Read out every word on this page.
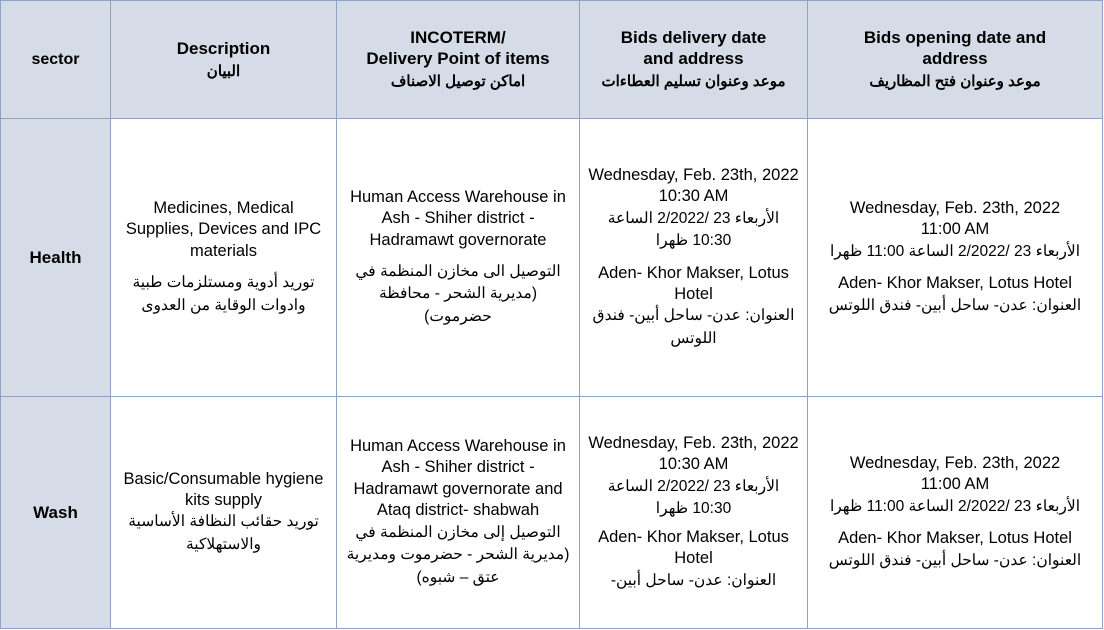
sector	Description
البيان	INCOTERM/
Delivery Point of items
اماكن توصيل الاصناف	Bids delivery date
and address
موعد وعنوان تسليم العطاءات	Bids opening date and
address
موعد وعنوان فتح المظاريف

Health	Medicines, Medical Supplies, Devices and IPC materials
توريد أدوية ومستلزمات طبية وادوات الوقاية من العدوى	Human Access Warehouse in Ash - Shiher district - Hadramawt governorate
التوصيل الى مخازن المنظمة في (مديرية الشحر - محافظة حضرموت)	Wednesday, Feb. 23th, 2022
10:30 AM
الأربعاء 23 /2/2022 الساعة 10:30 ظهرا
Aden- Khor Makser, Lotus Hotel
العنوان: عدن- ساحل أبين- فندق اللوتس	Wednesday, Feb. 23th, 2022
11:00 AM
الأربعاء 23 /2/2022 الساعة 11:00 ظهرا
Aden- Khor Makser, Lotus Hotel
العنوان: عدن- ساحل أبين- فندق اللوتس

Wash	Basic/Consumable hygiene kits supply
توريد حقائب النظافة الأساسية والاستهلاكية	Human Access Warehouse in Ash - Shiher district - Hadramawt governorate and Ataq district- shabwah
التوصيل إلى مخازن المنظمة في (مديرية الشحر - حضرموت ومديرية عتق – شبوه)	Wednesday, Feb. 23th, 2022
10:30 AM
الأربعاء 23 /2/2022 الساعة 10:30 ظهرا
Aden- Khor Makser, Lotus Hotel
العنوان: عدن- ساحل أبين-	Wednesday, Feb. 23th, 2022
11:00 AM
الأربعاء 23 /2/2022 الساعة 11:00 ظهرا
Aden- Khor Makser, Lotus Hotel
العنوان: عدن- ساحل أبين- فندق اللوتس
